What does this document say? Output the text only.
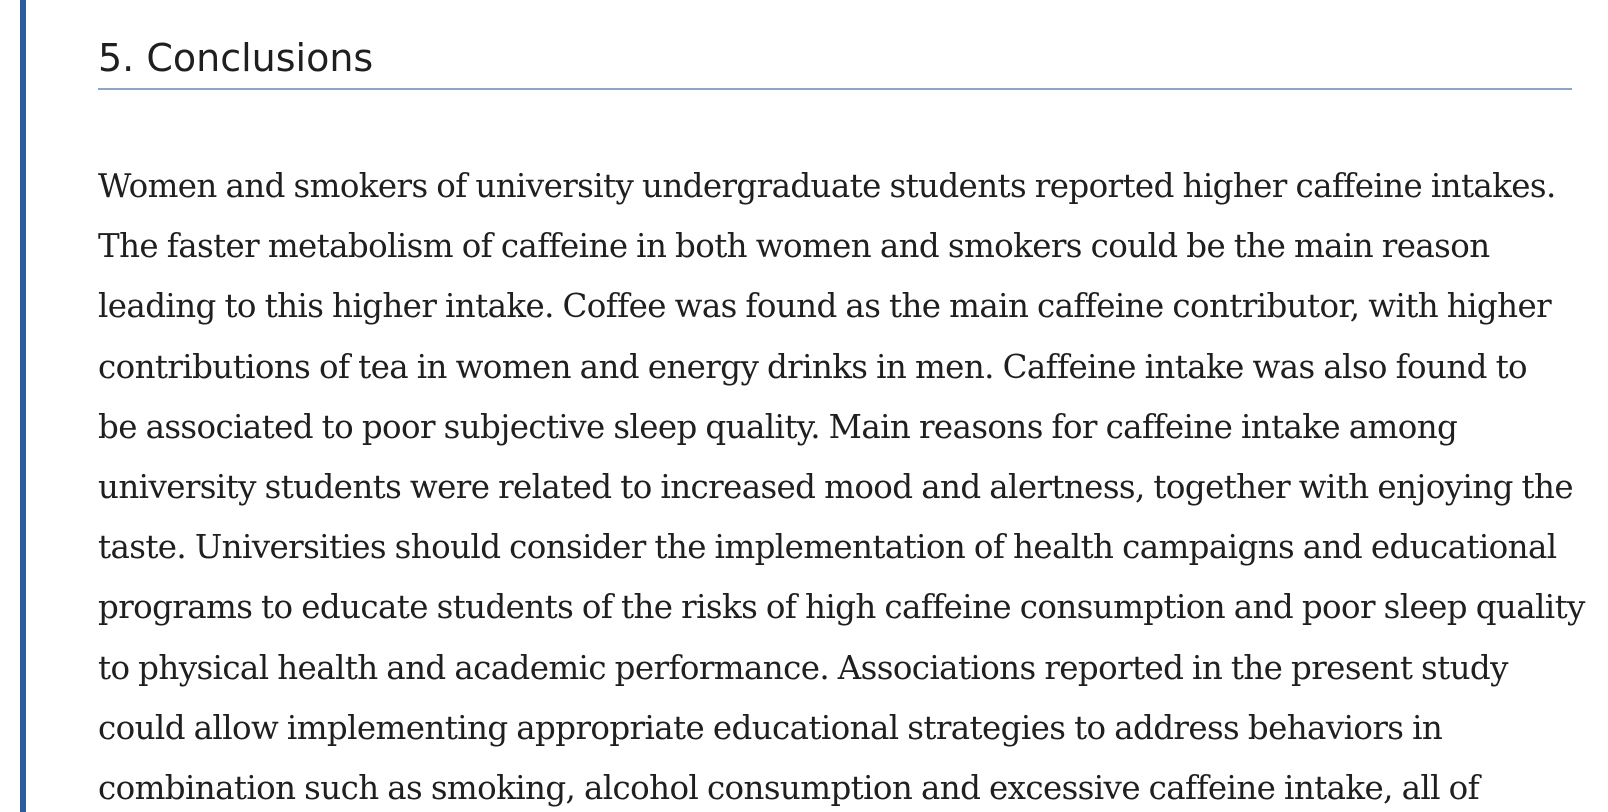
5. Conclusions

Women and smokers of university undergraduate students reported higher caffeine intakes.
The faster metabolism of caffeine in both women and smokers could be the main reason
leading to this higher intake. Coffee was found as the main caffeine contributor, with higher
contributions of tea in women and energy drinks in men. Caffeine intake was also found to
be associated to poor subjective sleep quality. Main reasons for caffeine intake among
university students were related to increased mood and alertness, together with enjoying the
taste. Universities should consider the implementation of health campaigns and educational
programs to educate students of the risks of high caffeine consumption and poor sleep quality
to physical health and academic performance. Associations reported in the present study
could allow implementing appropriate educational strategies to address behaviors in
combination such as smoking, alcohol consumption and excessive caffeine intake, all of
